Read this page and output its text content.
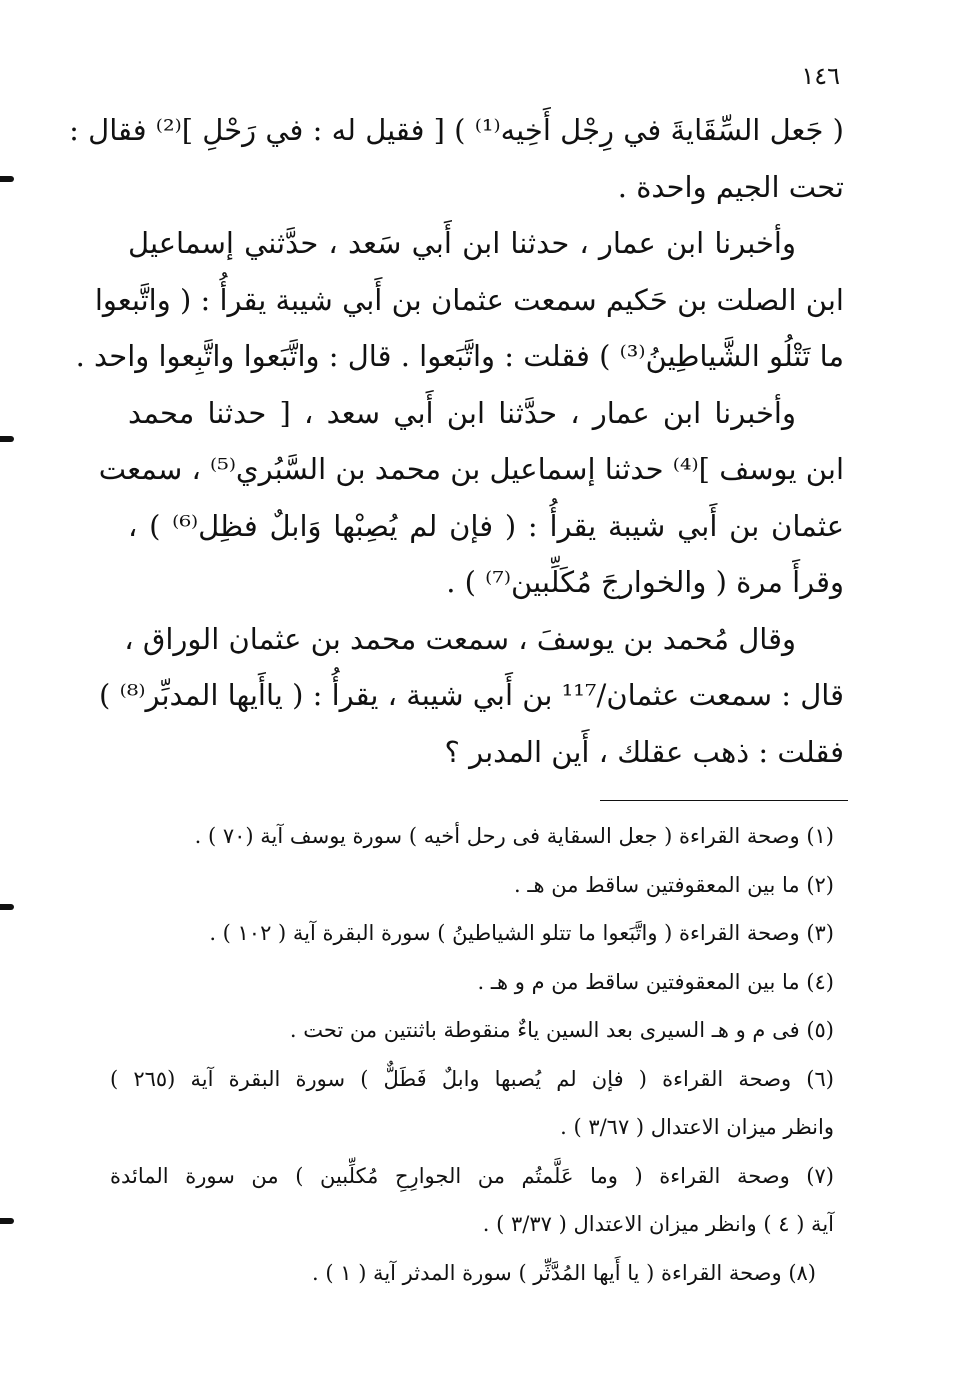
١٤٦
( جَعل السِّقَايةَ في رِجْل أَخِيه⁽¹⁾ ) [ فقيل له : في رَحْلِ ]⁽²⁾ فقال :
تحت الجيم واحدة .
وأخبرنا ابن عمار ، حدثنا ابن أَبي سَعد ، حدَّثني إسماعيل
ابن الصلت بن حَكيم سمعت عثمان بن أَبي شيبة يقرأُ : ( واتَّبعوا
ما تَتْلُو الشَّياطِينُ⁽³⁾ ) فقلت : واتَّبَعوا . قال : واتَّبَعوا واتَّبِعوا واحد .
وأخبرنا ابن عمار ، حدَّثنا ابن أَبي سعد ، [ حدثنا محمد
ابن يوسف ]⁽⁴⁾ حدثنا إسماعيل بن محمد بن السَّبُري⁽⁵⁾ ، سمعت
عثمان بن أَبي شيبة يقرأُ : ( فإن لم يُصِبْها وَابلٌ فظِل⁽⁶⁾ ) ،
وقرأَ مرة ( والخوارجَ مُكَلِّبين⁽⁷⁾ ) .
وقال مُحمد بن يوسفَ ، سمعت محمد بن عثمان الوراق ،
قال : سمعت عثمان/¹¹⁷ بن أَبي شيبة ، يقرأُ : ( ياأَيها المدبِّر⁽⁸⁾ )
فقلت : ذهب عقلك ، أَين المدبر ؟
(١) وصحة القراءة ( جعل السقاية فى رحل أخيه ) سورة يوسف آية (٧٠ ) .
(٢) ما بين المعقوفتين ساقط من هـ .
(٣) وصحة القراءة ( واتَّبَعوا ما تتلو الشياطينُ ) سورة البقرة آية ( ١٠٢ ) .
(٤) ما بين المعقوفتين ساقط من م و هـ .
(٥) فى م و هـ السيرى بعد السين ياءٌ منقوطة باثنتين من تحت .
(٦) وصحة القراءة ( فإن لم يُصبها وابلٌ فَطَلٌّ ) سورة البقرة آية (٢٦٥ )
وانظر ميزان الاعتدال ( ٣/٦٧ ) .
(٧) وصحة القراءة ( وما عَلَّمتُم من الجوارِحِ مُكلِّبين ) من سورة المائدة
آية ( ٤ ) وانظر ميزان الاعتدال ( ٣/٣٧ ) .
(٨) وصحة القراءة ( يا أَيها المُدَّثِّر ) سورة المدثر آية ( ١ ) .
